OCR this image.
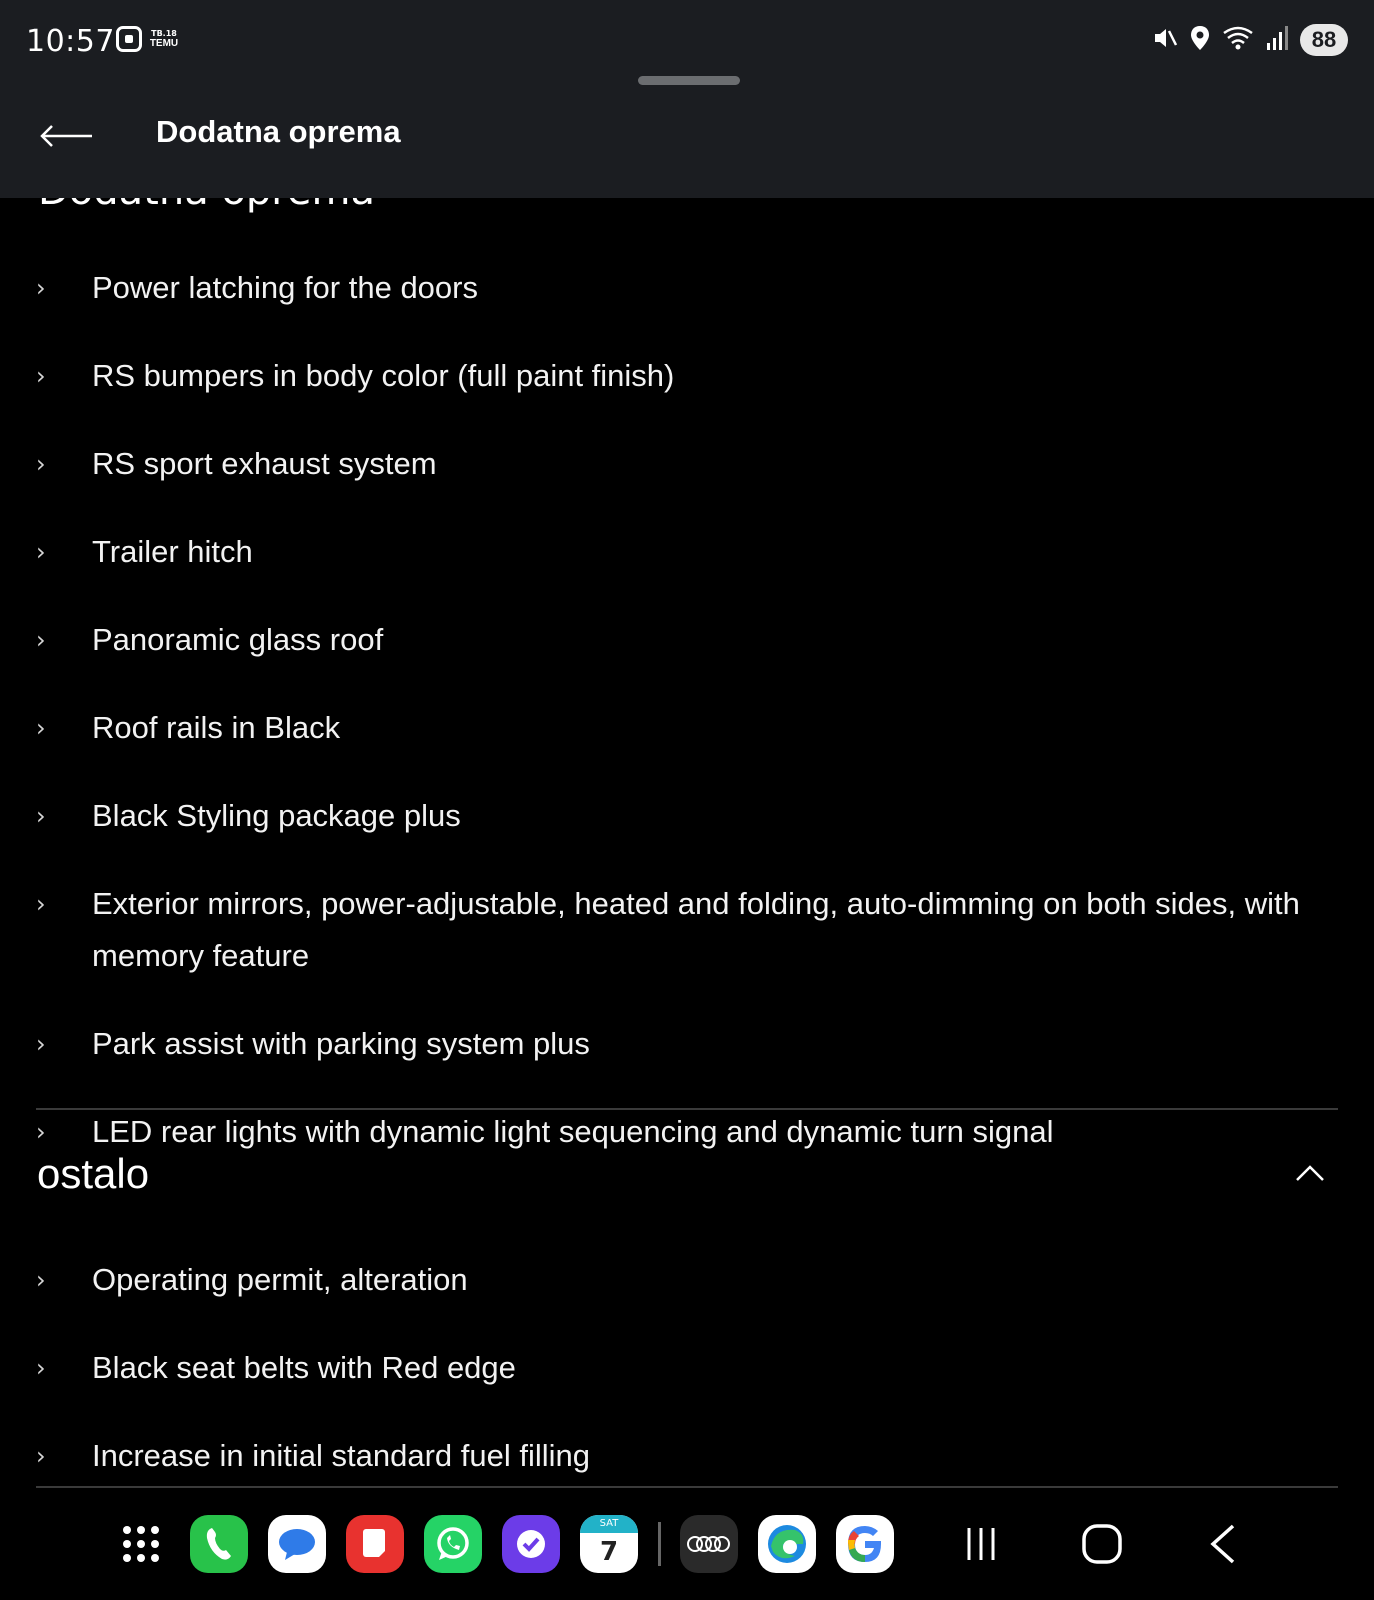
›	Power latching for the doors
›	RS bumpers in body color (full paint finish)
›	RS sport exhaust system
›	Trailer hitch
›	Panoramic glass roof
›	Roof rails in Black
›	Black Styling package plus
›	Exterior mirrors, power-adjustable, heated and folding, auto-dimming on both sides, with memory feature
›	Park assist with parking system plus
›	LED rear lights with dynamic light sequencing and dynamic turn signal
ostalo
›	Operating permit, alteration
›	Black seat belts with Red edge
›	Increase in initial standard fuel filling
10:57	TB.18
TEMU	88
Dodatna oprema
SAT
7
